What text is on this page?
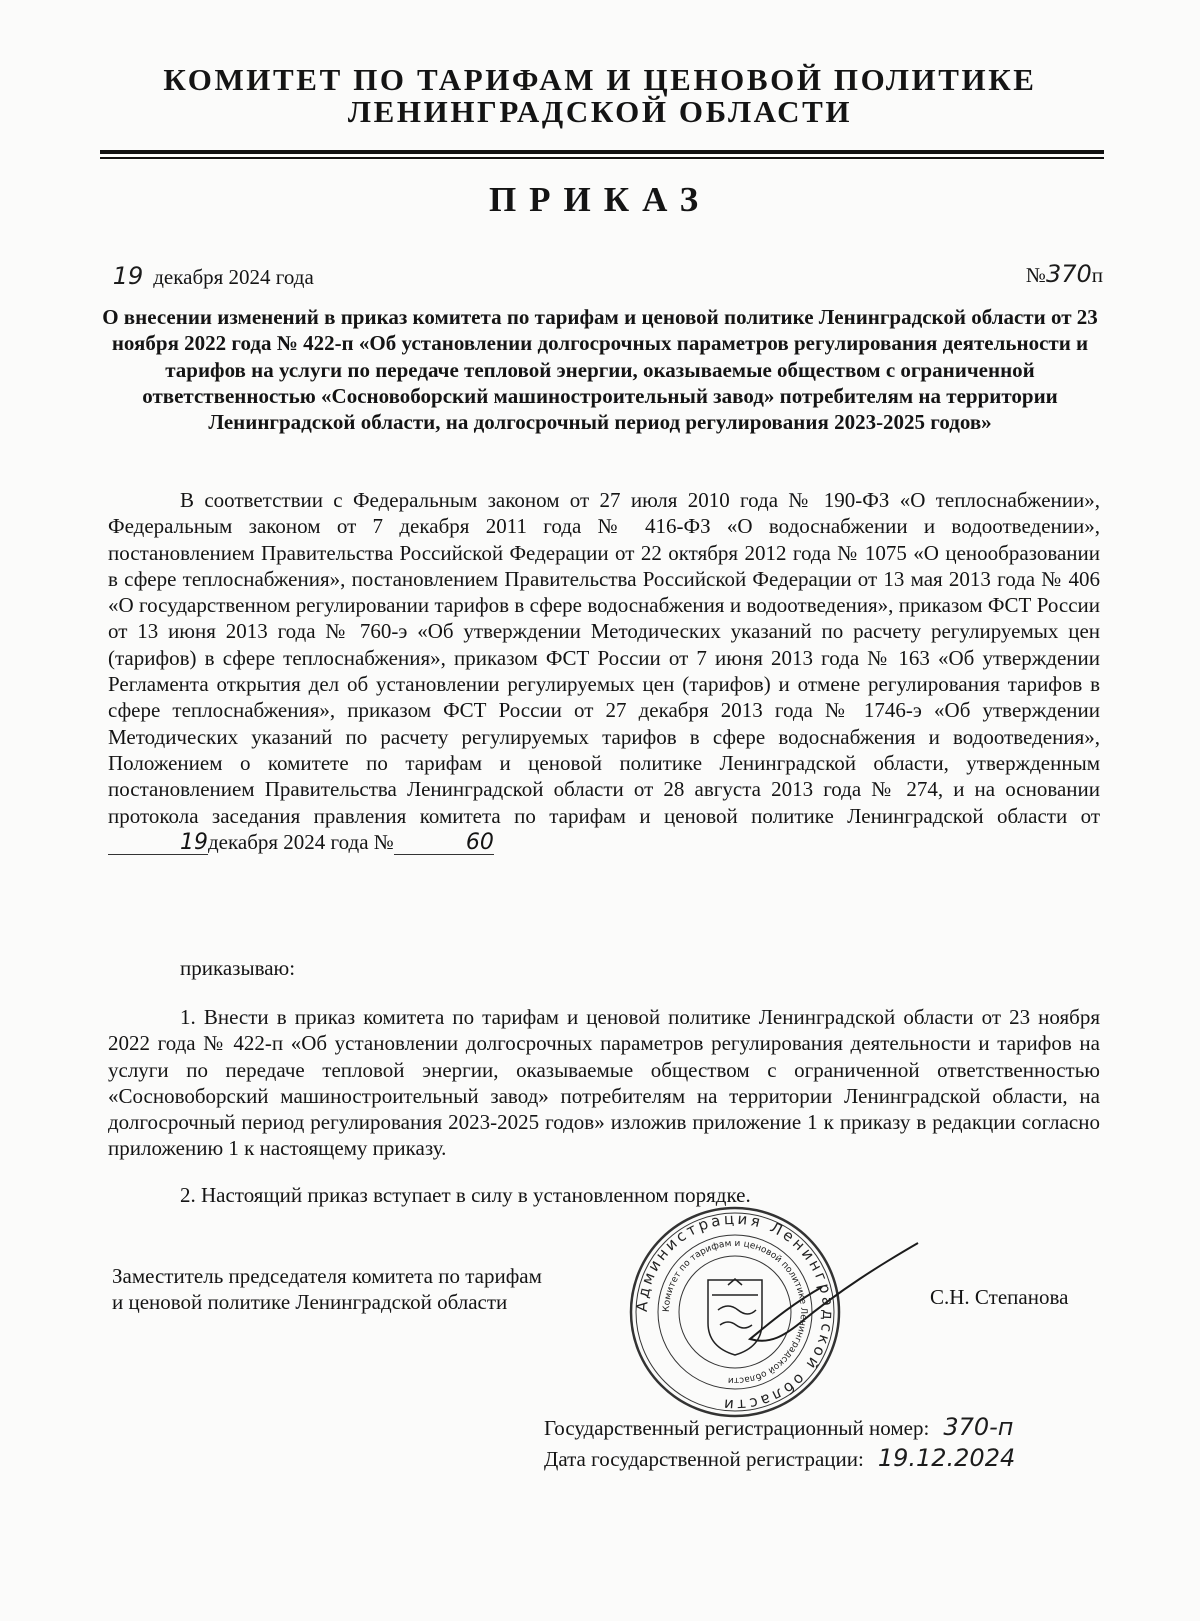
КОМИТЕТ ПО ТАРИФАМ И ЦЕНОВОЙ ПОЛИТИКЕ
ЛЕНИНГРАДСКОЙ ОБЛАСТИ
ПРИКАЗ
19 декабря 2024 года	№370п
О внесении изменений в приказ комитета по тарифам и ценовой политике Ленинградской области от 23 ноября 2022 года № 422-п «Об установлении долгосрочных параметров регулирования деятельности и тарифов на услуги по передаче тепловой энергии, оказываемые обществом с ограниченной ответственностью «Сосновоборский машиностроительный завод» потребителям на территории Ленинградской области, на долгосрочный период регулирования 2023-2025 годов»
В соответствии с Федеральным законом от 27 июля 2010 года № 190-ФЗ «О теплоснабжении», Федеральным законом от 7 декабря 2011 года № 416-ФЗ «О водоснабжении и водоотведении», постановлением Правительства Российской Федерации от 22 октября 2012 года № 1075 «О ценообразовании в сфере теплоснабжения», постановлением Правительства Российской Федерации от 13 мая 2013 года № 406 «О государственном регулировании тарифов в сфере водоснабжения и водоотведения», приказом ФСТ России от 13 июня 2013 года № 760-э «Об утверждении Методических указаний по расчету регулируемых цен (тарифов) в сфере теплоснабжения», приказом ФСТ России от 7 июня 2013 года № 163 «Об утверждении Регламента открытия дел об установлении регулируемых цен (тарифов) и отмене регулирования тарифов в сфере теплоснабжения», приказом ФСТ России от 27 декабря 2013 года № 1746-э «Об утверждении Методических указаний по расчету регулируемых тарифов в сфере водоснабжения и водоотведения», Положением о комитете по тарифам и ценовой политике Ленинградской области, утвержденным постановлением Правительства Ленинградской области от 28 августа 2013 года № 274, и на основании протокола заседания правления комитета по тарифам и ценовой политике Ленинградской области от19декабря 2024 года №	60
приказываю:
1. Внести в приказ комитета по тарифам и ценовой политике Ленинградской области от 23 ноября 2022 года № 422-п «Об установлении долгосрочных параметров регулирования деятельности и тарифов на услуги по передаче тепловой энергии, оказываемые обществом с ограниченной ответственностью «Сосновоборский машиностроительный завод» потребителям на территории Ленинградской области, на долгосрочный период регулирования 2023-2025 годов» изложив приложение 1 к приказу в редакции согласно приложению 1 к настоящему приказу.
2. Настоящий приказ вступает в силу в установленном порядке.
Заместитель председателя комитета по тарифам
и ценовой политике Ленинградской области	Администрация Ленинградской области
Комитет по тарифам и ценовой политике Ленинградской области
С.Н. Степанова
Государственный регистрационный номер: 370-п
Дата государственной регистрации: 19.12.2024
